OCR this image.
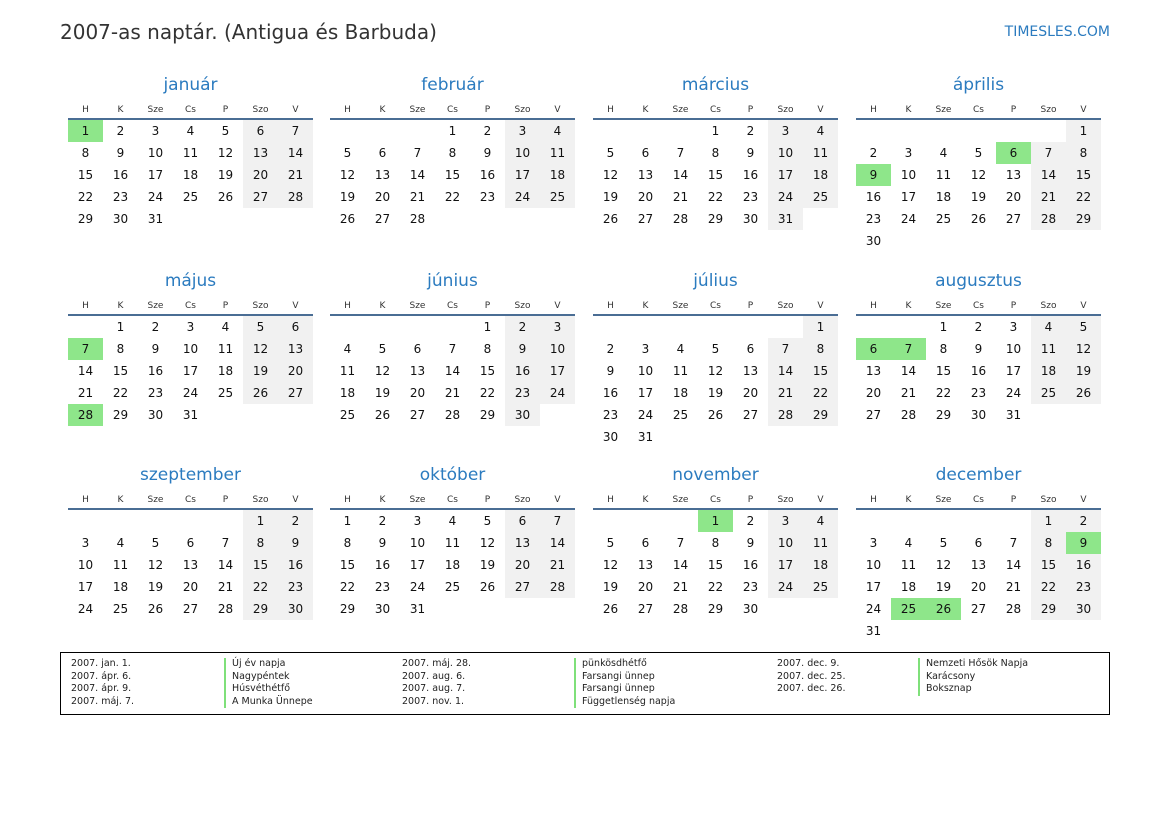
2007-as naptár. (Antigua és Barbuda)	TIMESLES.COM
január
H	K	Sze	Cs	P	Szo	V
1	2	3	4	5	6	7
8	9	10	11	12	13	14
15	16	17	18	19	20	21
22	23	24	25	26	27	28
29	30	31				
február
H	K	Sze	Cs	P	Szo	V
			1	2	3	4
5	6	7	8	9	10	11
12	13	14	15	16	17	18
19	20	21	22	23	24	25
26	27	28				
március
H	K	Sze	Cs	P	Szo	V
			1	2	3	4
5	6	7	8	9	10	11
12	13	14	15	16	17	18
19	20	21	22	23	24	25
26	27	28	29	30	31	
április
H	K	Sze	Cs	P	Szo	V
						1
2	3	4	5	6	7	8
9	10	11	12	13	14	15
16	17	18	19	20	21	22
23	24	25	26	27	28	29
30						
május
H	K	Sze	Cs	P	Szo	V
	1	2	3	4	5	6
7	8	9	10	11	12	13
14	15	16	17	18	19	20
21	22	23	24	25	26	27
28	29	30	31			
június
H	K	Sze	Cs	P	Szo	V
				1	2	3
4	5	6	7	8	9	10
11	12	13	14	15	16	17
18	19	20	21	22	23	24
25	26	27	28	29	30	
július
H	K	Sze	Cs	P	Szo	V
						1
2	3	4	5	6	7	8
9	10	11	12	13	14	15
16	17	18	19	20	21	22
23	24	25	26	27	28	29
30	31					
augusztus
H	K	Sze	Cs	P	Szo	V
		1	2	3	4	5
6	7	8	9	10	11	12
13	14	15	16	17	18	19
20	21	22	23	24	25	26
27	28	29	30	31		
szeptember
H	K	Sze	Cs	P	Szo	V
					1	2
3	4	5	6	7	8	9
10	11	12	13	14	15	16
17	18	19	20	21	22	23
24	25	26	27	28	29	30
október
H	K	Sze	Cs	P	Szo	V
1	2	3	4	5	6	7
8	9	10	11	12	13	14
15	16	17	18	19	20	21
22	23	24	25	26	27	28
29	30	31				
november
H	K	Sze	Cs	P	Szo	V
			1	2	3	4
5	6	7	8	9	10	11
12	13	14	15	16	17	18
19	20	21	22	23	24	25
26	27	28	29	30		
december
H	K	Sze	Cs	P	Szo	V
					1	2
3	4	5	6	7	8	9
10	11	12	13	14	15	16
17	18	19	20	21	22	23
24	25	26	27	28	29	30
31						
2007. jan. 1.	Új év napja
2007. ápr. 6.	Nagypéntek
2007. ápr. 9.	Húsvéthétfő
2007. máj. 7.	A Munka Ünnepe
2007. máj. 28.	pünkösdhétfő
2007. aug. 6.	Farsangi ünnep
2007. aug. 7.	Farsangi ünnep
2007. nov. 1.	Függetlenség napja
2007. dec. 9.	Nemzeti Hősök Napja
2007. dec. 25.	Karácsony
2007. dec. 26.	Boksznap
